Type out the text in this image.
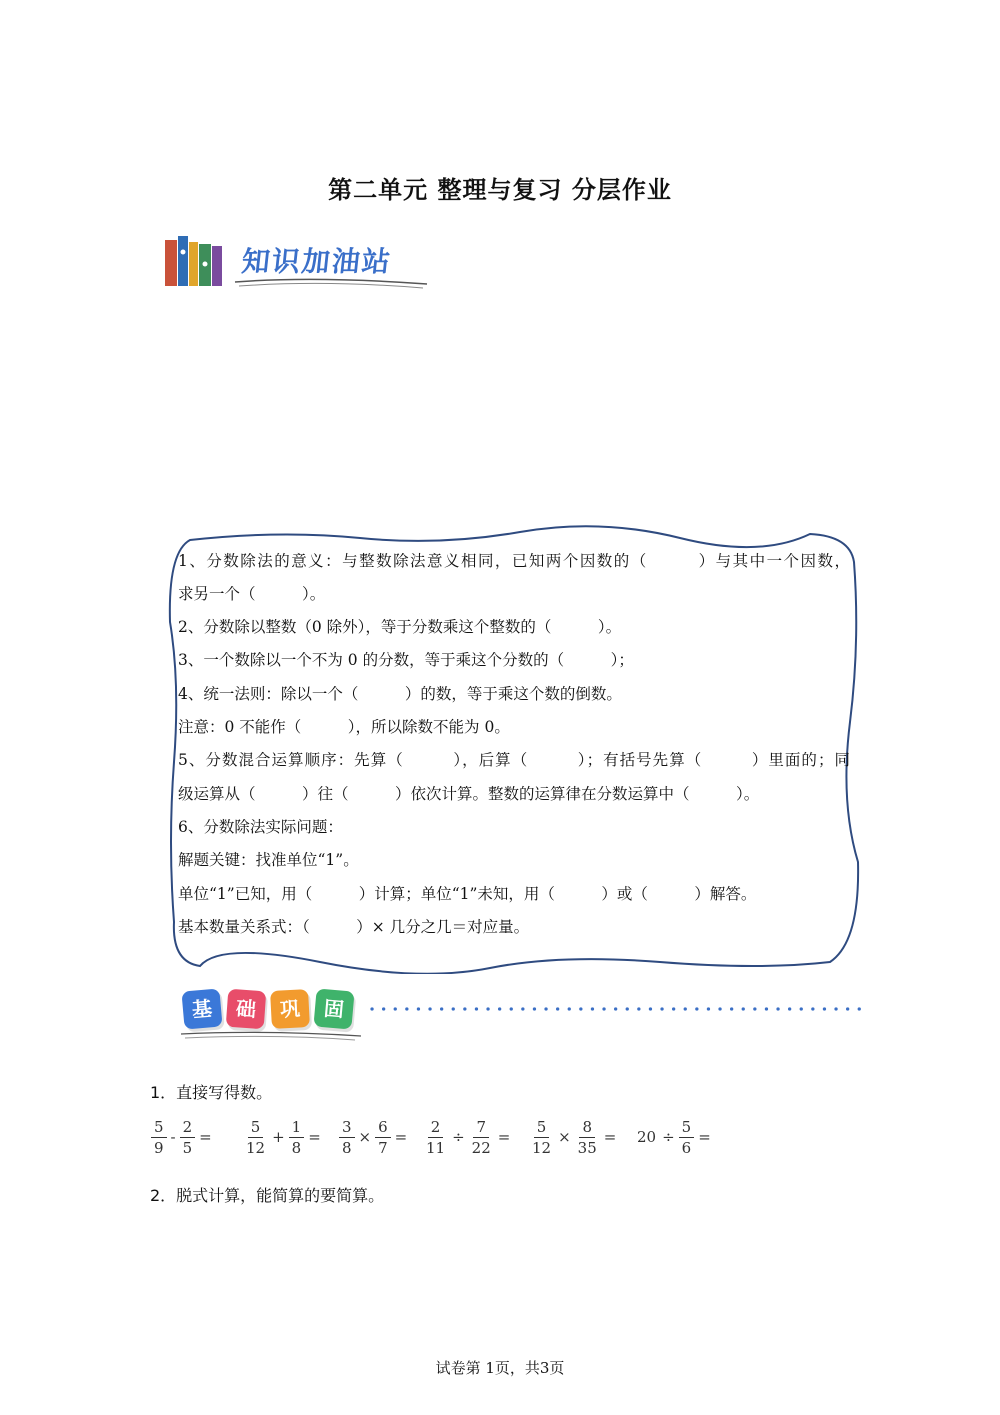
第二单元 整理与复习 分层作业
知识加油站
1、分数除法的意义：与整数除法意义相同，已知两个因数的（　　　）与其中一个因数，
求另一个（　　　）。
2、分数除以整数（0 除外），等于分数乘这个整数的（　　　）。
3、一个数除以一个不为 0 的分数，等于乘这个分数的（　　　）；
4、统一法则：除以一个（　　　）的数，等于乘这个数的倒数。
注意：0 不能作（　　　），所以除数不能为 0。
5、分数混合运算顺序：先算（　　　），后算（　　　）；有括号先算（　　　）里面的；同
级运算从（　　　）往（　　　）依次计算。整数的运算律在分数运算中（　　　）。
6、分数除法实际问题：
解题关键：找准单位“1”。
单位“1”已知，用（　　　）计算；单位“1”未知，用（　　　）或（　　　）解答。
基本数量关系式：（　　　）× 几分之几＝对应量。
基	础	巩	固
1．直接写得数。
$\frac{5}{9} - \frac{2}{5} = \frac{5}{12} + \frac{1}{8} = \frac{3}{8} \times \frac{6}{7} = \frac{2}{11} \div \frac{7}{22} = \frac{5}{12} \times \frac{8}{35} = 20 \div \frac{5}{6}$ =
2．脱式计算，能简算的要简算。
试卷第 1页，共3页
